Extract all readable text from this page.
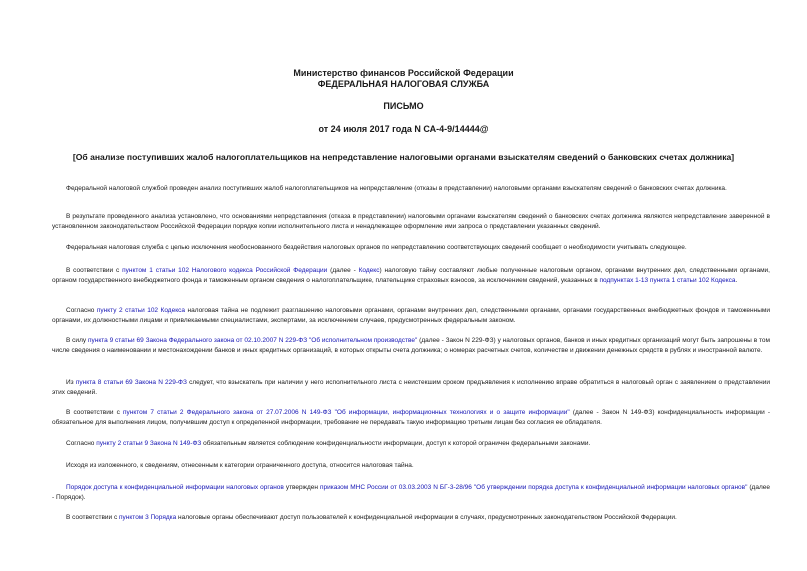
Министерство финансов Российской Федерации
ФЕДЕРАЛЬНАЯ НАЛОГОВАЯ СЛУЖБА
ПИСЬМО
от 24 июля 2017 года N СА-4-9/14444@
[Об анализе поступивших жалоб налогоплательщиков на непредставление налоговыми органами взыскателям сведений о банковских счетах должника]

Федеральной налоговой службой проведен анализ поступивших жалоб налогоплательщиков на непредставление (отказы в представлении) налоговыми органами взыскателям сведений о банковских счетах должника.

В результате проведенного анализа установлено, что основаниями непредставления (отказа в представлении) налоговыми органами взыскателям сведений о банковских счетах должника являются непредставление заверенной в установленном законодательством Российской Федерации порядке копии исполнительного листа и ненадлежащее оформление ими запроса о представлении указанных сведений.

Федеральная налоговая служба с целью исключения необоснованного бездействия налоговых органов по непредставлению соответствующих сведений сообщает о необходимости учитывать следующее.

В соответствии с пунктом 1 статьи 102 Налогового кодекса Российской Федерации (далее - Кодекс) налоговую тайну составляют любые полученные налоговым органом, органами внутренних дел, следственными органами, органом государственного внебюджетного фонда и таможенным органом сведения о налогоплательщике, плательщике страховых взносов, за исключением сведений, указанных в подпунктах 1-13 пункта 1 статьи 102 Кодекса.

Согласно пункту 2 статьи 102 Кодекса налоговая тайна не подлежит разглашению налоговыми органами, органами внутренних дел, следственными органами, органами государственных внебюджетных фондов и таможенными органами, их должностными лицами и привлекаемыми специалистами, экспертами, за исключением случаев, предусмотренных федеральным законом.

В силу пункта 9 статьи 69 Закона Федерального закона от 02.10.2007 N 229-ФЗ "Об исполнительном производстве" (далее - Закон N 229-ФЗ) у налоговых органов, банков и иных кредитных организаций могут быть запрошены в том числе сведения о наименовании и местонахождении банков и иных кредитных организаций, в которых открыты счета должника; о номерах расчетных счетов, количестве и движении денежных средств в рублях и иностранной валюте.

Из пункта 8 статьи 69 Закона N 229-ФЗ следует, что взыскатель при наличии у него исполнительного листа с неистекшим сроком предъявления к исполнению вправе обратиться в налоговый орган с заявлением о представлении этих сведений.

В соответствии с пунктом 7 статьи 2 Федерального закона от 27.07.2006 N 149-ФЗ "Об информации, информационных технологиях и о защите информации" (далее - Закон N 149-ФЗ) конфиденциальность информации - обязательное для выполнения лицом, получившим доступ к определенной информации, требование не передавать такую информацию третьим лицам без согласия ее обладателя.

Согласно пункту 2 статьи 9 Закона N 149-ФЗ обязательным является соблюдение конфиденциальности информации, доступ к которой ограничен федеральными законами.

Исходя из изложенного, к сведениям, отнесенным к категории ограниченного доступа, относится налоговая тайна.

Порядок доступа к конфиденциальной информации налоговых органов утвержден приказом МНС России от 03.03.2003 N БГ-3-28/96 "Об утверждении порядка доступа к конфиденциальной информации налоговых органов" (далее - Порядок).

В соответствии с пунктом 3 Порядка налоговые органы обеспечивают доступ пользователей к конфиденциальной информации в случаях, предусмотренных законодательством Российской Федерации.
